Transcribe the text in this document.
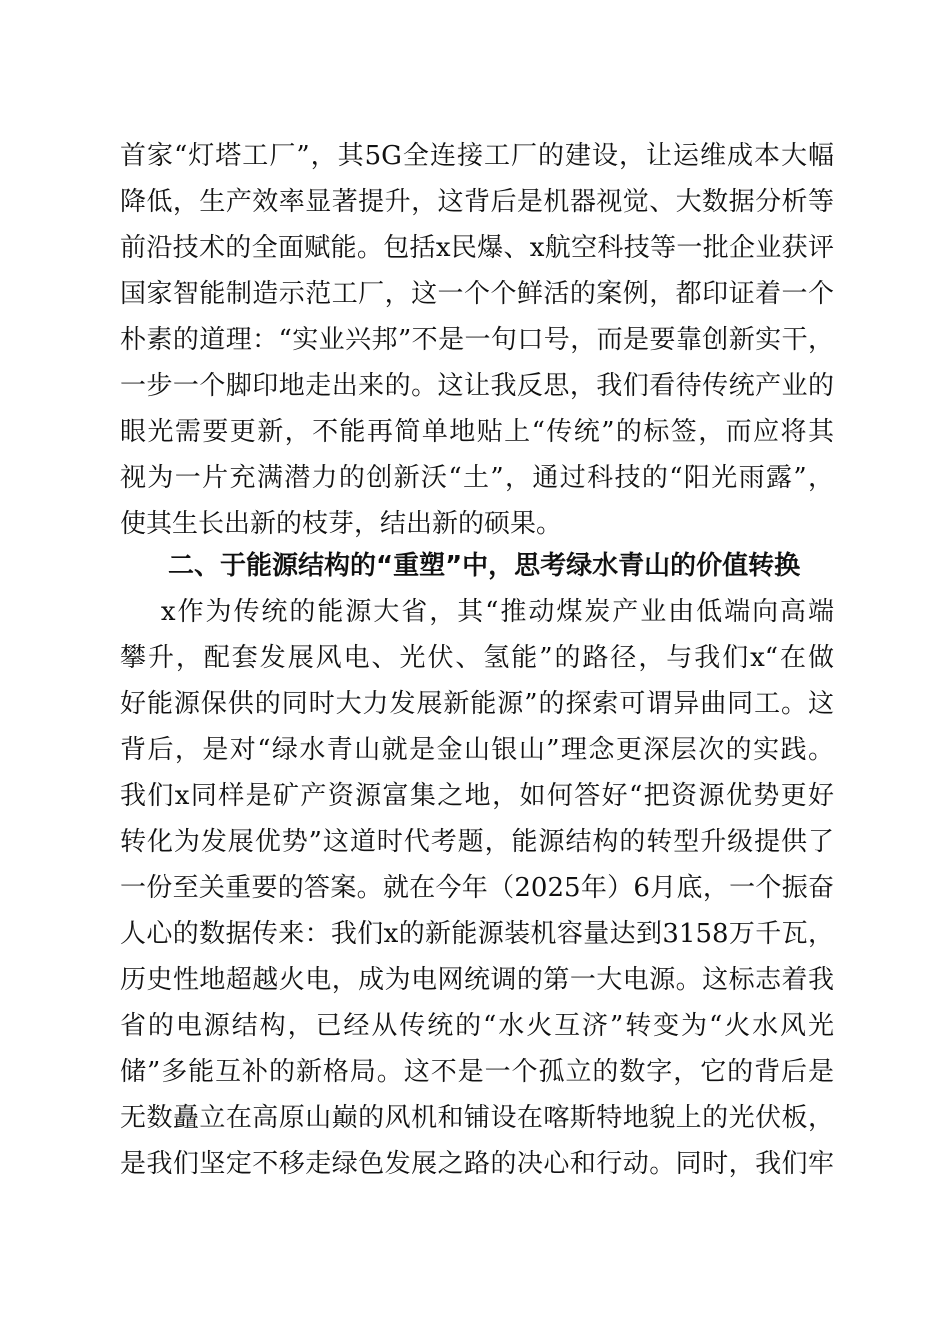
首家“灯塔工厂”，其5G全连接工厂的建设，让运维成本大幅
降低，生产效率显著提升，这背后是机器视觉、大数据分析等
前沿技术的全面赋能。包括x民爆、x航空科技等一批企业获评
国家智能制造示范工厂，这一个个鲜活的案例，都印证着一个
朴素的道理：“实业兴邦”不是一句口号，而是要靠创新实干，
一步一个脚印地走出来的。这让我反思，我们看待传统产业的
眼光需要更新，不能再简单地贴上“传统”的标签，而应将其
视为一片充满潜力的创新沃“土”，通过科技的“阳光雨露”，
使其生长出新的枝芽，结出新的硕果。
二、于能源结构的“重塑”中，思考绿水青山的价值转换
x作为传统的能源大省，其“推动煤炭产业由低端向高端
攀升，配套发展风电、光伏、氢能”的路径，与我们x“在做
好能源保供的同时大力发展新能源”的探索可谓异曲同工。这
背后，是对“绿水青山就是金山银山”理念更深层次的实践。
我们x同样是矿产资源富集之地，如何答好“把资源优势更好
转化为发展优势”这道时代考题，能源结构的转型升级提供了
一份至关重要的答案。就在今年（2025年）6月底，一个振奋
人心的数据传来：我们x的新能源装机容量达到3158万千瓦，
历史性地超越火电，成为电网统调的第一大电源。这标志着我
省的电源结构，已经从传统的“水火互济”转变为“火水风光
储”多能互补的新格局。这不是一个孤立的数字，它的背后是
无数矗立在高原山巅的风机和铺设在喀斯特地貌上的光伏板，
是我们坚定不移走绿色发展之路的决心和行动。同时，我们牢
